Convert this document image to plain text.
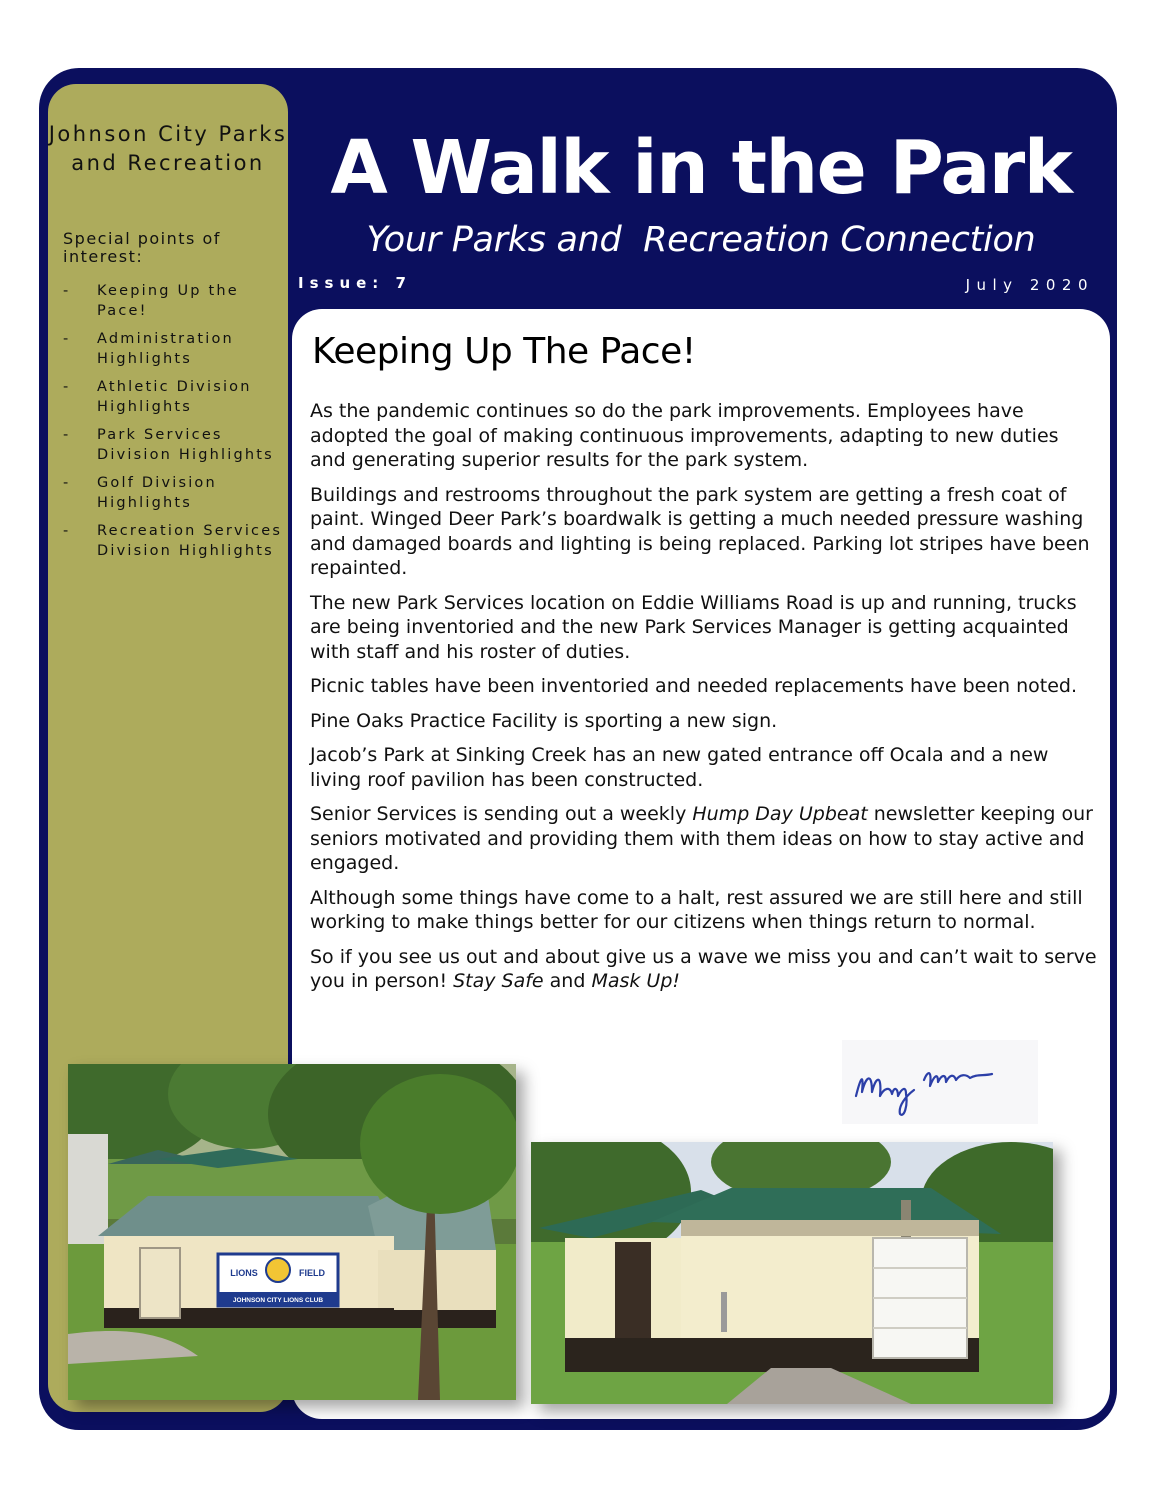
Johnson City Parks and Recreation
Special points of interest:
- Keeping Up the Pace!
- Administration Highlights
- Athletic Division Highlights
- Park Services Division Highlights
- Golf Division Highlights
- Recreation Services Division Highlights
A Walk in the Park
Your Parks and  Recreation Connection
Issue: 7	July 2020
Keeping Up The Pace!

As the pandemic continues so do the park improvements. Employees have adopted the goal of making continuous improvements, adapting to new duties and generating superior results for the park system.

Buildings and restrooms throughout the park system are getting a fresh coat of paint. Winged Deer Park’s boardwalk is getting a much needed pressure washing and damaged boards and lighting is being replaced. Parking lot stripes have been repainted.

The new Park Services location on Eddie Williams Road is up and running, trucks are being inventoried and the new Park Services Manager is getting acquainted with staff and his roster of duties.

Picnic tables have been inventoried and needed replacements have been noted.

Pine Oaks Practice Facility is sporting a new sign.

Jacob’s Park at Sinking Creek has an new gated entrance off Ocala and a new living roof pavilion has been constructed.

Senior Services is sending out a weekly Hump Day Upbeat newsletter keeping our seniors motivated and providing them with them ideas on how to stay active and engaged.

Although some things have come to a halt, rest assured we are still here and still working to make things better for our citizens when things return to normal.

So if you see us out and about give us a wave we miss you and can’t wait to serve you in person! Stay Safe and Mask Up!

LIONS	FIELD
JOHNSON CITY LIONS CLUB
